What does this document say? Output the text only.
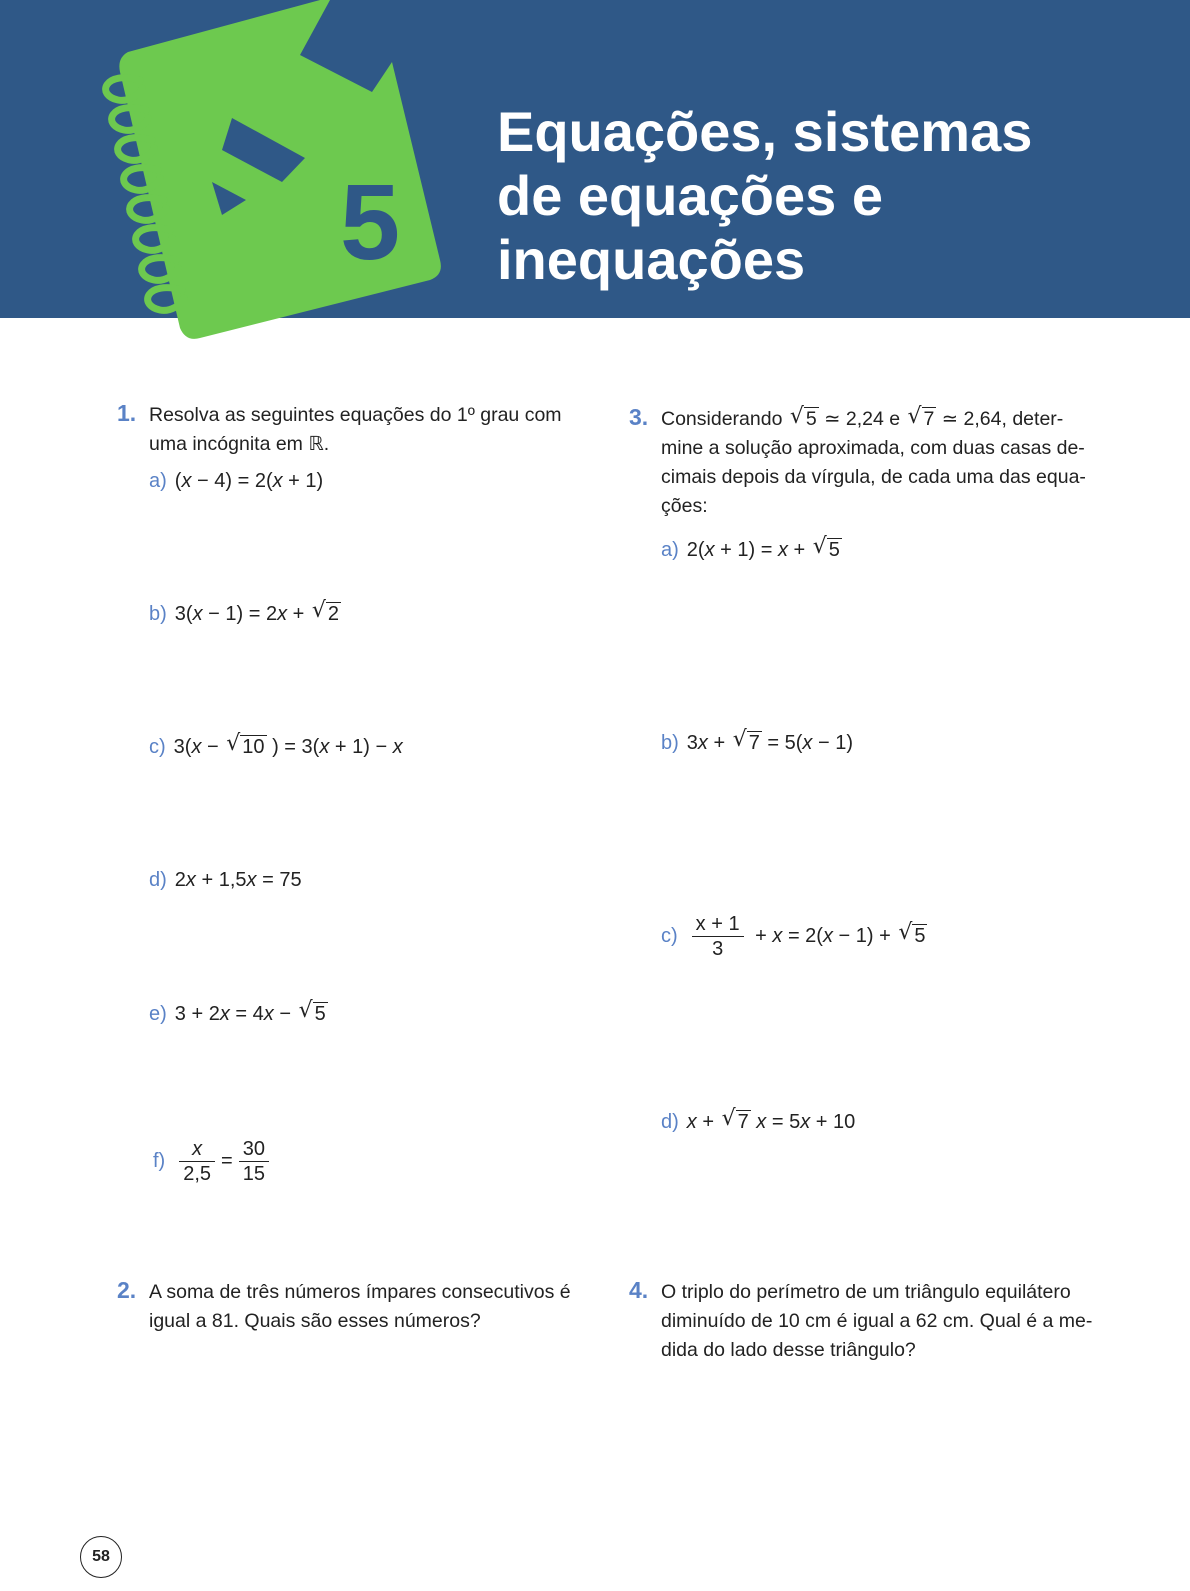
5
Equações, sistemas
de equações e
inequações
1. Resolva as seguintes equações do 1º grau com
uma incógnita em ℝ.
a) (x − 4) = 2(x + 1)
b) 3(x − 1) = 2x + √ 2
c) 3(x − √ 10 ) = 3(x + 1) − x
d) 2x + 1,5x = 75
e) 3 + 2x = 4x − √ 5
$f) \frac{x}{2,5} = \frac{30}{15}$
2. A soma de três números ímpares consecutivos é
igual a 81. Quais são esses números?
3. Considerando √ 5 ≃ 2,24 e √ 7 ≃ 2,64, deter-
mine a solução aproximada, com duas casas de-
cimais depois da vírgula, de cada uma das equa-
ções:
a) 2(x + 1) = x + √ 5
b) 3x + √ 7 = 5(x − 1)
$c) \frac{x + 1}{3} + x = 2(x - 1)$ + √ 5
d) x + √ 7 x = 5x + 10
4. O triplo do perímetro de um triângulo equilátero
diminuído de 10 cm é igual a 62 cm. Qual é a me-
dida do lado desse triângulo?
58
